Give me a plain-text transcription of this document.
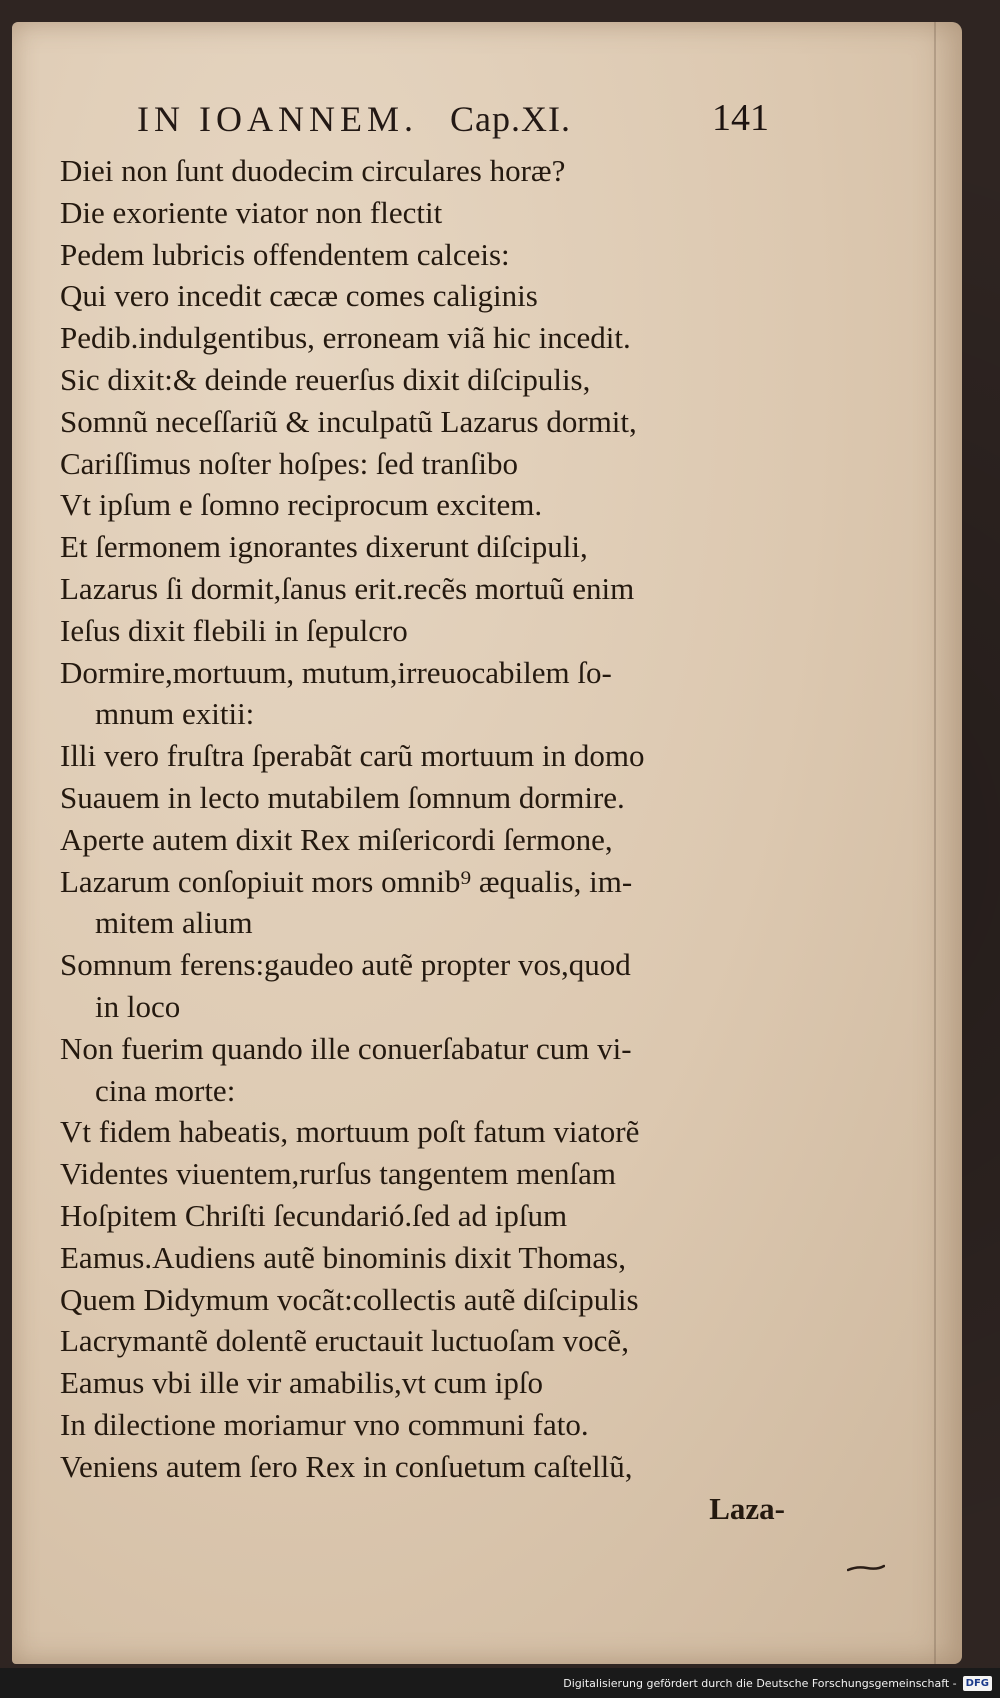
IN IOANNEM. Cap.XI.	141
Diei non ſunt duodecim circulares horæ?
Die exoriente viator non flectit
Pedem lubricis offendentem calceis:
Qui vero incedit cæcæ comes caliginis
Pedib.indulgentibus, erroneam viã hic incedit.
Sic dixit:& deinde reuerſus dixit diſcipulis,
Somnũ neceſſariũ & inculpatũ Lazarus dormit,
Cariſſimus noſter hoſpes: ſed tranſibo
Vt ipſum e ſomno reciprocum excitem.
Et ſermonem ignorantes dixerunt diſcipuli,
Lazarus ſi dormit,ſanus erit.recẽs mortuũ enim
Ieſus dixit flebili in ſepulcro
Dormire,mortuum, mutum,irreuocabilem ſo-
mnum exitii:
Illi vero fruſtra ſperabãt carũ mortuum in domo
Suauem in lecto mutabilem ſomnum dormire.
Aperte autem dixit Rex miſericordi ſermone,
Lazarum conſopiuit mors omnib⁹ æqualis, im-
mitem alium
Somnum ferens:gaudeo autẽ propter vos,quod
in loco
Non fuerim quando ille conuerſabatur cum vi-
cina morte:
Vt fidem habeatis, mortuum poſt fatum viatorẽ
Videntes viuentem,rurſus tangentem menſam
Hoſpitem Chriſti ſecundarió.ſed ad ipſum
Eamus.Audiens autẽ binominis dixit Thomas,
Quem Didymum vocãt:collectis autẽ diſcipulis
Lacrymantẽ dolentẽ eructauit luctuoſam vocẽ,
Eamus vbi ille vir amabilis,vt cum ipſo
In dilectione moriamur vno communi fato.
Veniens autem ſero Rex in conſuetum caſtellũ,
Laza-
Digitalisierung gefördert durch die Deutsche Forschungsgemeinschaft - DFG
